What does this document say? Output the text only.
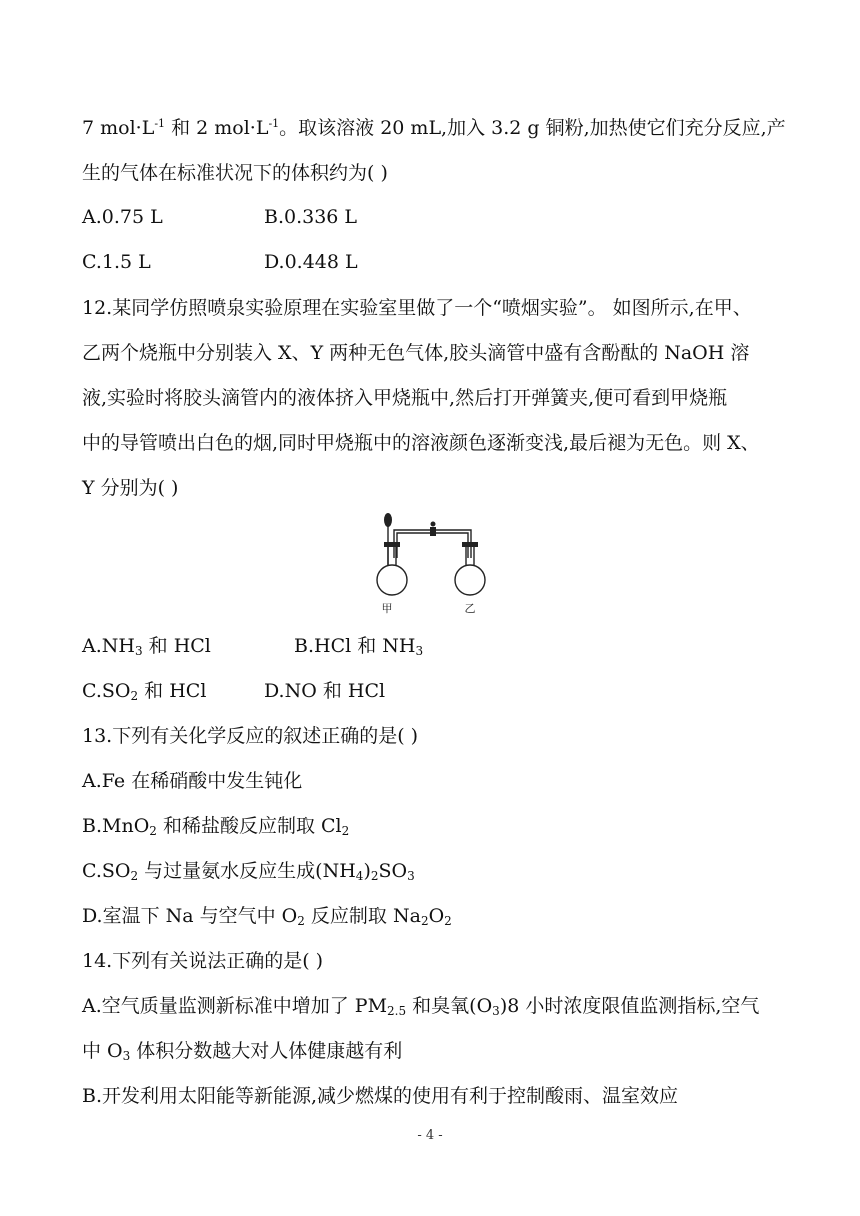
7 $mol\cdot L^{-1}$ 和 2 $mol\cdot L^{-1}$。取该溶液 20 mL,加入 3.2 g 铜粉,加热使它们充分反应,产
生的气体在标准状况下的体积约为( )
A.0.75 L	B.0.336 L
C.1.5 L	D.0.448 L
12.某同学仿照喷泉实验原理在实验室里做了一个“喷烟实验”。 如图所示,在甲、
乙两个烧瓶中分别装入 X、Y 两种无色气体,胶头滴管中盛有含酚酞的 NaOH 溶
液,实验时将胶头滴管内的液体挤入甲烧瓶中,然后打开弹簧夹,便可看到甲烧瓶
中的导管喷出白色的烟,同时甲烧瓶中的溶液颜色逐渐变浅,最后褪为无色。则 X、
Y 分别为( )
甲	乙
$A.NH_3$ 和 HCl	B.HCl 和 $NH_3$
$C.SO_2$ 和 HCl	D.NO 和 HCl
13.下列有关化学反应的叙述正确的是( )
A.Fe 在稀硝酸中发生钝化
B.MnO$_2$ 和稀盐酸反应制取 $Cl_2$
$C.SO_2$ 与过量氨水反应生成$(NH_4)_2SO_3$
D.室温下 Na 与空气中 $O_2$ 反应制取 $Na_2O_2$
14.下列有关说法正确的是( )
A.空气质量监测新标准中增加了 $PM_{2.5}$ 和臭氧$(O_3)8$ 小时浓度限值监测指标,空气
中 $O_3$ 体积分数越大对人体健康越有利
B.开发利用太阳能等新能源,减少燃煤的使用有利于控制酸雨、温室效应
- 4 -
